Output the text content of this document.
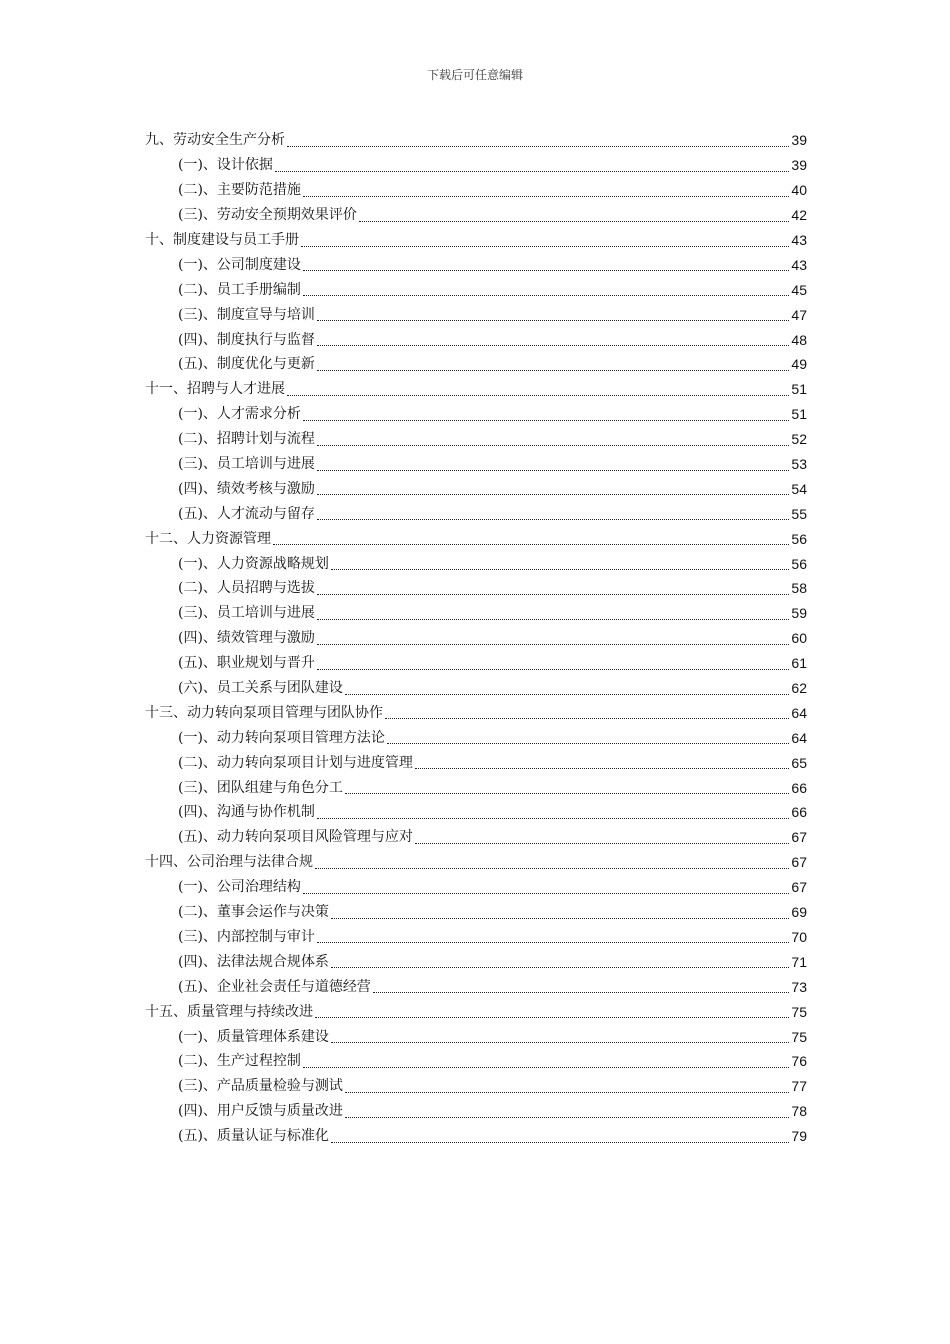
下载后可任意编辑
九、劳动安全生产分析	39
(一)、设计依据	39
(二)、主要防范措施	40
(三)、劳动安全预期效果评价	42
十、制度建设与员工手册	43
(一)、公司制度建设	43
(二)、员工手册编制	45
(三)、制度宣导与培训	47
(四)、制度执行与监督	48
(五)、制度优化与更新	49
十一、招聘与人才进展	51
(一)、人才需求分析	51
(二)、招聘计划与流程	52
(三)、员工培训与进展	53
(四)、绩效考核与激励	54
(五)、人才流动与留存	55
十二、人力资源管理	56
(一)、人力资源战略规划	56
(二)、人员招聘与选拔	58
(三)、员工培训与进展	59
(四)、绩效管理与激励	60
(五)、职业规划与晋升	61
(六)、员工关系与团队建设	62
十三、动力转向泵项目管理与团队协作	64
(一)、动力转向泵项目管理方法论	64
(二)、动力转向泵项目计划与进度管理	65
(三)、团队组建与角色分工	66
(四)、沟通与协作机制	66
(五)、动力转向泵项目风险管理与应对	67
十四、公司治理与法律合规	67
(一)、公司治理结构	67
(二)、董事会运作与决策	69
(三)、内部控制与审计	70
(四)、法律法规合规体系	71
(五)、企业社会责任与道德经营	73
十五、质量管理与持续改进	75
(一)、质量管理体系建设	75
(二)、生产过程控制	76
(三)、产品质量检验与测试	77
(四)、用户反馈与质量改进	78
(五)、质量认证与标准化	79
